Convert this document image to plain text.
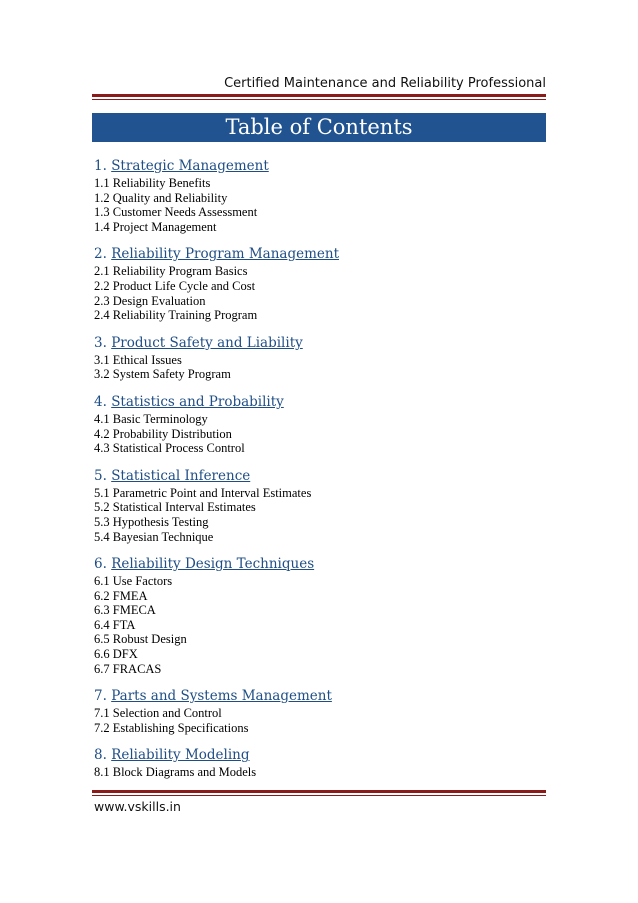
Certified Maintenance and Reliability Professional
Table of Contents
1. Strategic Management
1.1 Reliability Benefits
1.2 Quality and Reliability
1.3 Customer Needs Assessment
1.4 Project Management
2. Reliability Program Management
2.1 Reliability Program Basics
2.2 Product Life Cycle and Cost
2.3 Design Evaluation
2.4 Reliability Training Program
3. Product Safety and Liability
3.1 Ethical Issues
3.2 System Safety Program
4. Statistics and Probability
4.1 Basic Terminology
4.2 Probability Distribution
4.3 Statistical Process Control
5. Statistical Inference
5.1 Parametric Point and Interval Estimates
5.2 Statistical Interval Estimates
5.3 Hypothesis Testing
5.4 Bayesian Technique
6. Reliability Design Techniques
6.1 Use Factors
6.2 FMEA
6.3 FMECA
6.4 FTA
6.5 Robust Design
6.6 DFX
6.7 FRACAS
7. Parts and Systems Management
7.1 Selection and Control
7.2 Establishing Specifications
8. Reliability Modeling
8.1 Block Diagrams and Models
www.vskills.in
